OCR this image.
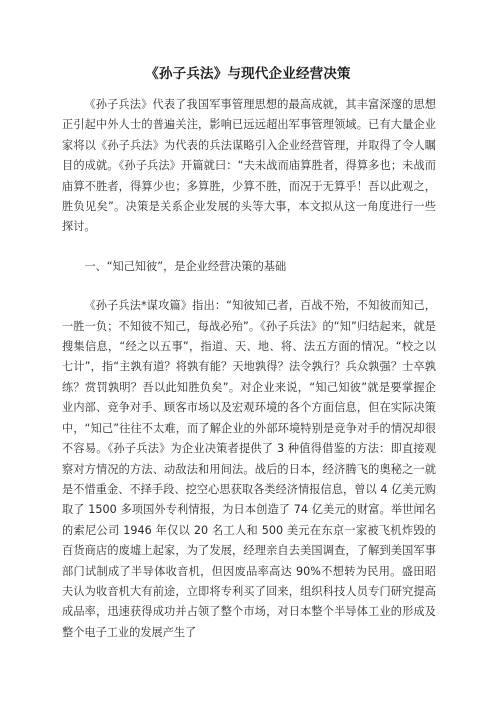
《孙子兵法》与现代企业经营决策

《孙子兵法》代表了我国军事管理思想的最高成就，其丰富深邃的思想正引起中外人士的普遍关注，影响已远远超出军事管理领域。已有大量企业家将以《孙子兵法》为代表的兵法谋略引入企业经营管理，并取得了令人瞩目的成就。《孙子兵法》开篇就曰：“夫未战而庙算胜者，得算多也；未战而庙算不胜者，得算少也；多算胜，少算不胜，而况于无算乎！吾以此观之，胜负见矣”。决策是关系企业发展的头等大事，本文拟从这一角度进行一些探讨。

一、“知己知彼”，是企业经营决策的基础

《孙子兵法*谋攻篇》指出：“知彼知己者，百战不殆，不知彼而知己，一胜一负；不知彼不知己，每战必殆”。《孙子兵法》的“知”归结起来，就是搜集信息，“经之以五事”，指道、天、地、将、法五方面的情况。“校之以七计”，指“主孰有道？将孰有能？天地孰得？法令孰行？兵众孰强？士卒孰练？赏罚孰明？吾以此知胜负矣”。对企业来说，“知己知彼”就是要掌握企业内部、竞争对手、顾客市场以及宏观环境的各个方面信息，但在实际决策中，“知己”往往不太难，而了解企业的外部环境特别是竞争对手的情况却很不容易。《孙子兵法》为企业决策者提供了 3 种值得借鉴的方法：即直接观察对方情况的方法、动敌法和用间法。战后的日本，经济腾飞的奥秘之一就是不惜重金、不择手段、挖空心思获取各类经济情报信息，曾以 4 亿美元购取了 1500 多项国外专利情报，为日本创造了 74 亿美元的财富。举世闻名的索尼公司 1946 年仅以 20 名工人和 500 美元在东京一家被飞机炸毁的百货商店的废墟上起家，为了发展，经理亲自去美国调查，了解到美国军事部门试制成了半导体收音机，但因废品率高达 90%不想转为民用。盛田昭夫认为收音机大有前途，立即将专利买了回来，组织科技人员专门研究提高成品率，迅速获得成功并占领了整个市场，对日本整个半导体工业的形成及整个电子工业的发展产生了
